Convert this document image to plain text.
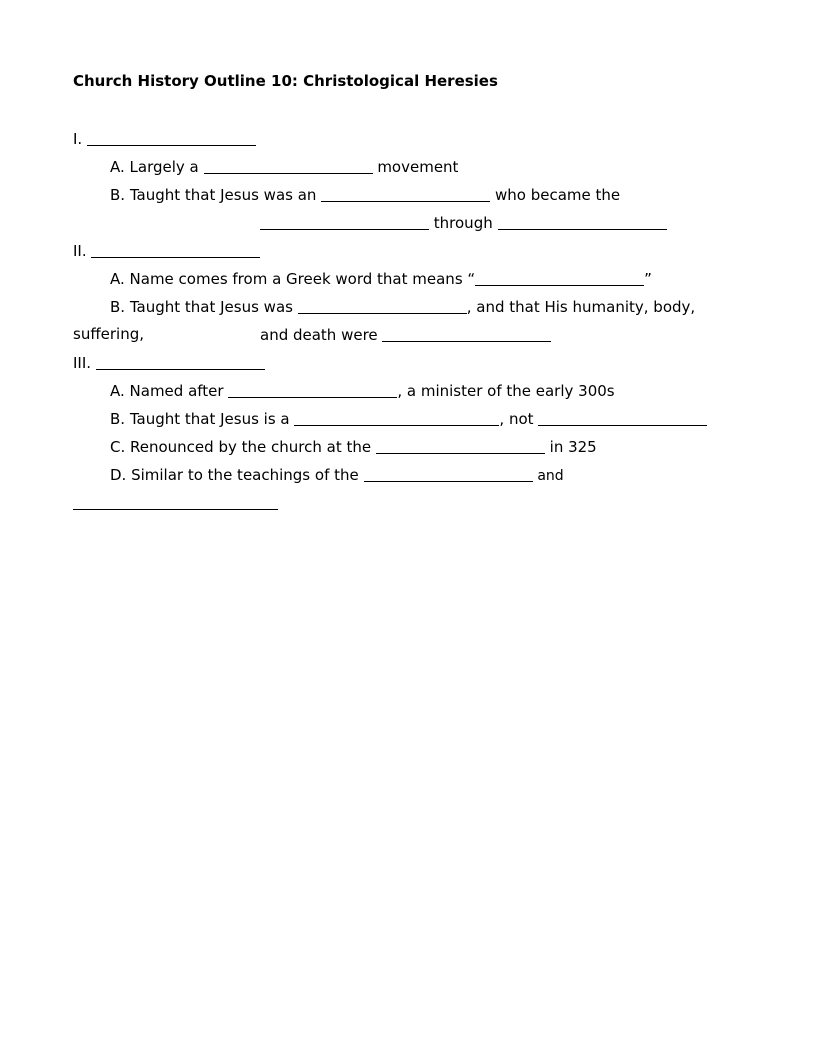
Church History Outline 10: Christological Heresies
I.
A. Largely a	movement
B. Taught that Jesus was an	who became the
through
II.
A. Name comes from a Greek word that means “	”
B. Taught that Jesus was	, and that His humanity, body,
suffering,	and death were
III.
A. Named after	, a minister of the early 300s
B. Taught that Jesus is a	, not
C. Renounced by the church at the	in 325
D. Similar to the teachings of the	and
